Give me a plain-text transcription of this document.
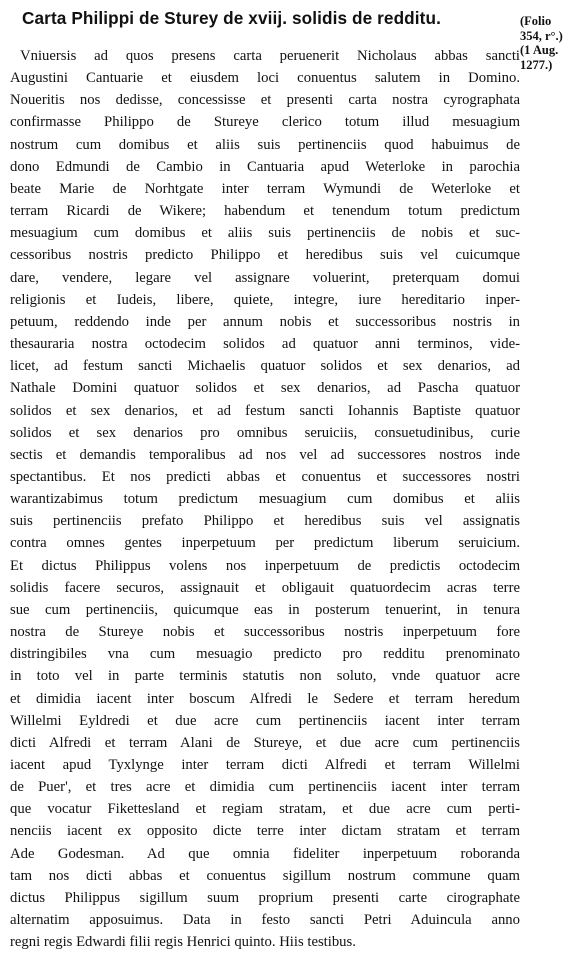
Carta Philippi de Sturey de xviij. solidis de redditu.	(Folio
354, r°.)
(1 Aug.
1277.)
Vniuersis ad quos presens carta peruenerit Nicholaus abbas sancti
Augustini Cantuarie et eiusdem loci conuentus salutem in Domino.
Noueritis nos dedisse, concessisse et presenti carta nostra cyrographata
confirmasse Philippo de Stureye clerico totum illud mesuagium
nostrum cum domibus et aliis suis pertinenciis quod habuimus de
dono Edmundi de Cambio in Cantuaria apud Weterloke in parochia
beate Marie de Norhtgate inter terram Wymundi de Weterloke et
terram Ricardi de Wikere; habendum et tenendum totum predictum
mesuagium cum domibus et aliis suis pertinenciis de nobis et suc-
cessoribus nostris predicto Philippo et heredibus suis vel cuicumque
dare, vendere, legare vel assignare voluerint, preterquam domui
religionis et Iudeis, libere, quiete, integre, iure hereditario inper-
petuum, reddendo inde per annum nobis et successoribus nostris in
thesauraria nostra octodecim solidos ad quatuor anni terminos, vide-
licet, ad festum sancti Michaelis quatuor solidos et sex denarios, ad
Nathale Domini quatuor solidos et sex denarios, ad Pascha quatuor
solidos et sex denarios, et ad festum sancti Iohannis Baptiste quatuor
solidos et sex denarios pro omnibus seruiciis, consuetudinibus, curie
sectis et demandis temporalibus ad nos vel ad successores nostros inde
spectantibus. Et nos predicti abbas et conuentus et successores nostri
warantizabimus totum predictum mesuagium cum domibus et aliis
suis pertinenciis prefato Philippo et heredibus suis vel assignatis
contra omnes gentes inperpetuum per predictum liberum seruicium.
Et dictus Philippus volens nos inperpetuum de predictis octodecim
solidis facere securos, assignauit et obligauit quatuordecim acras terre
sue cum pertinenciis, quicumque eas in posterum tenuerint, in tenura
nostra de Stureye nobis et successoribus nostris inperpetuum fore
distringibiles vna cum mesuagio predicto pro redditu prenominato
in toto vel in parte terminis statutis non soluto, vnde quatuor acre
et dimidia iacent inter boscum Alfredi le Sedere et terram heredum
Willelmi Eyldredi et due acre cum pertinenciis iacent inter terram
dicti Alfredi et terram Alani de Stureye, et due acre cum pertinenciis
iacent apud Tyxlynge inter terram dicti Alfredi et terram Willelmi
de Puer', et tres acre et dimidia cum pertinenciis iacent inter terram
que vocatur Fikettesland et regiam stratam, et due acre cum perti-
nenciis iacent ex opposito dicte terre inter dictam stratam et terram
Ade Godesman. Ad que omnia fideliter inperpetuum roboranda
tam nos dicti abbas et conuentus sigillum nostrum commune quam
dictus Philippus sigillum suum proprium presenti carte cirographate
alternatim apposuimus. Data in festo sancti Petri Aduincula anno
regni regis Edwardi filii regis Henrici quinto. Hiis testibus.
